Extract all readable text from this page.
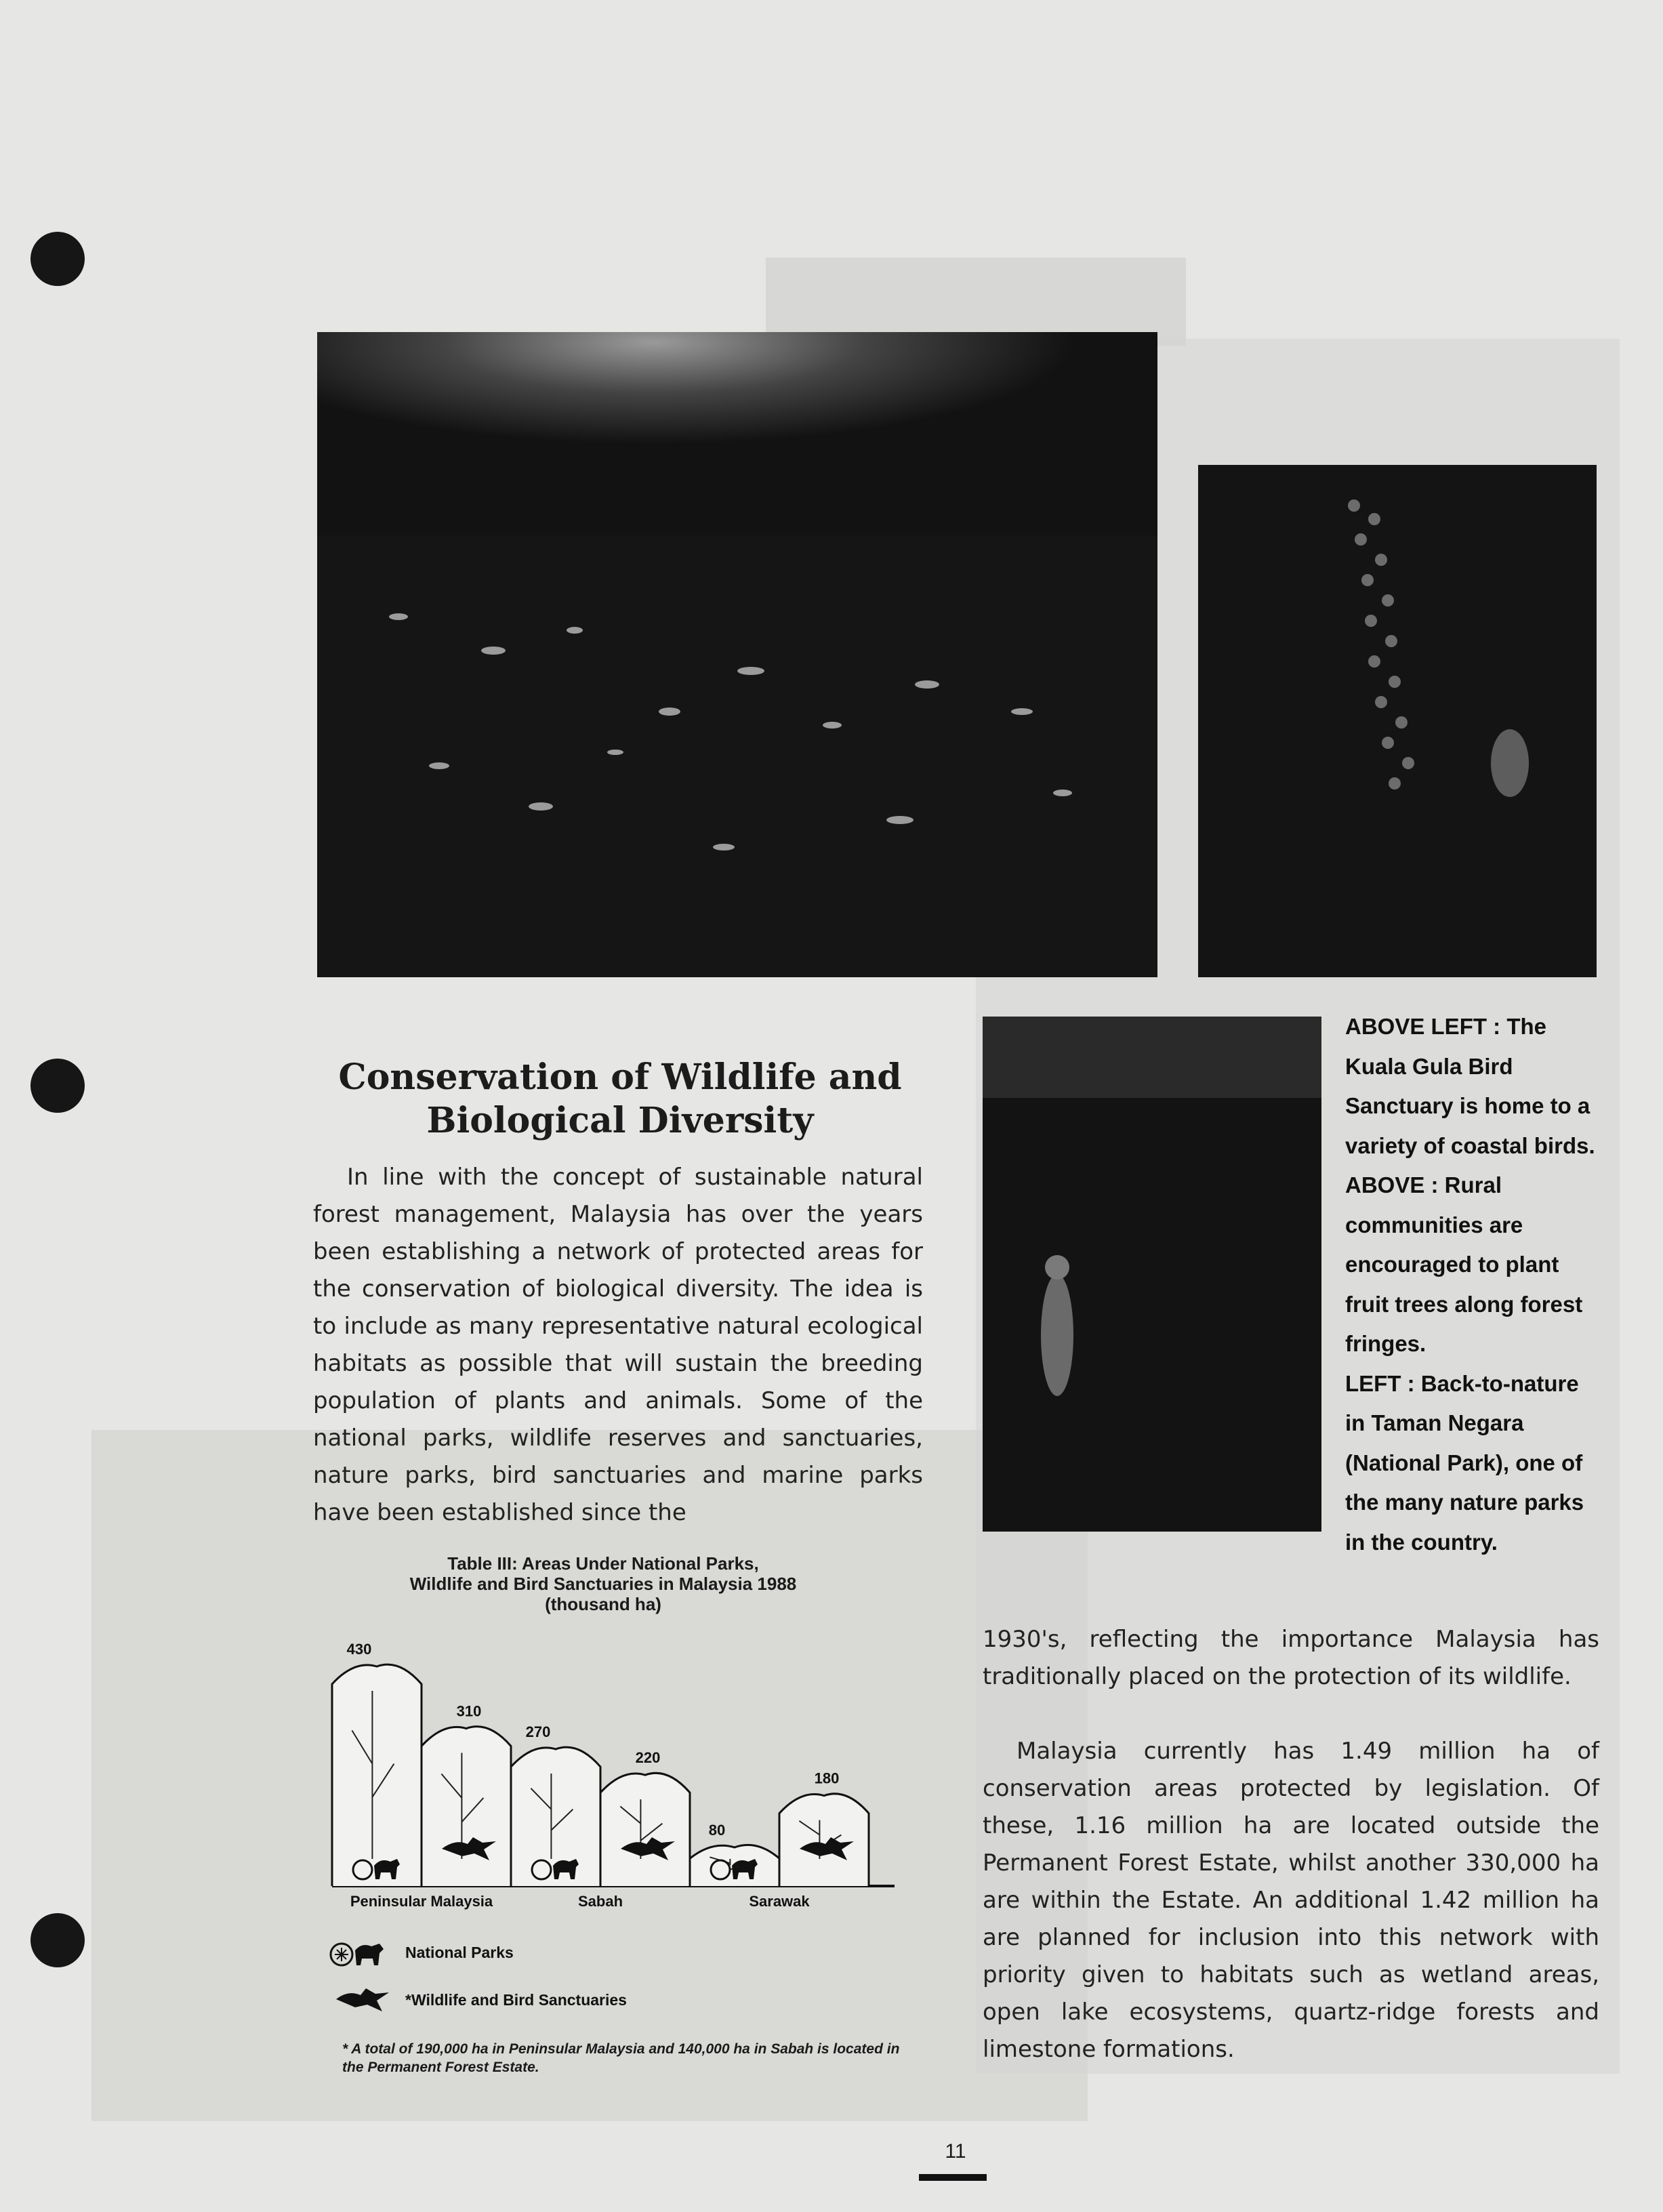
Conservation of Wildlife and Biological Diversity
In line with the concept of sustainable natural forest management, Malaysia has over the years been establishing a network of protected areas for the conservation of biological diversity. The idea is to include as many representative natural ecological habitats as possible that will sustain the breeding population of plants and animals. Some of the national parks, wildlife reserves and sanctuaries, nature parks, bird sanctuaries and marine parks have been established since the
1930's, reflecting the importance Malaysia has traditionally placed on the protection of its wildlife.
Malaysia currently has 1.49 million ha of conservation areas protected by legislation. Of these, 1.16 million ha are located outside the Permanent Forest Estate, whilst another 330,000 ha are within the Estate. An additional 1.42 million ha are planned for inclusion into this network with priority given to habitats such as wetland areas, open lake ecosystems, quartz-ridge forests and limestone formations.

ABOVE LEFT : The Kuala Gula Bird Sanctuary is home to a variety of coastal birds.

ABOVE : Rural communities are encouraged to plant fruit trees along forest fringes.

LEFT : Back-to-nature in Taman Negara (National Park), one of the many nature parks in the country.

Table III: Areas Under National Parks,
Wildlife and Bird Sanctuaries in Malaysia 1988
(thousand ha)
430
310
270
220
80
180
Peninsular Malaysia	Sabah	Sarawak
National Parks
*Wildlife and Bird Sanctuaries
* A total of 190,000 ha in Peninsular Malaysia and 140,000 ha in Sabah is located in the Permanent Forest Estate.
11
